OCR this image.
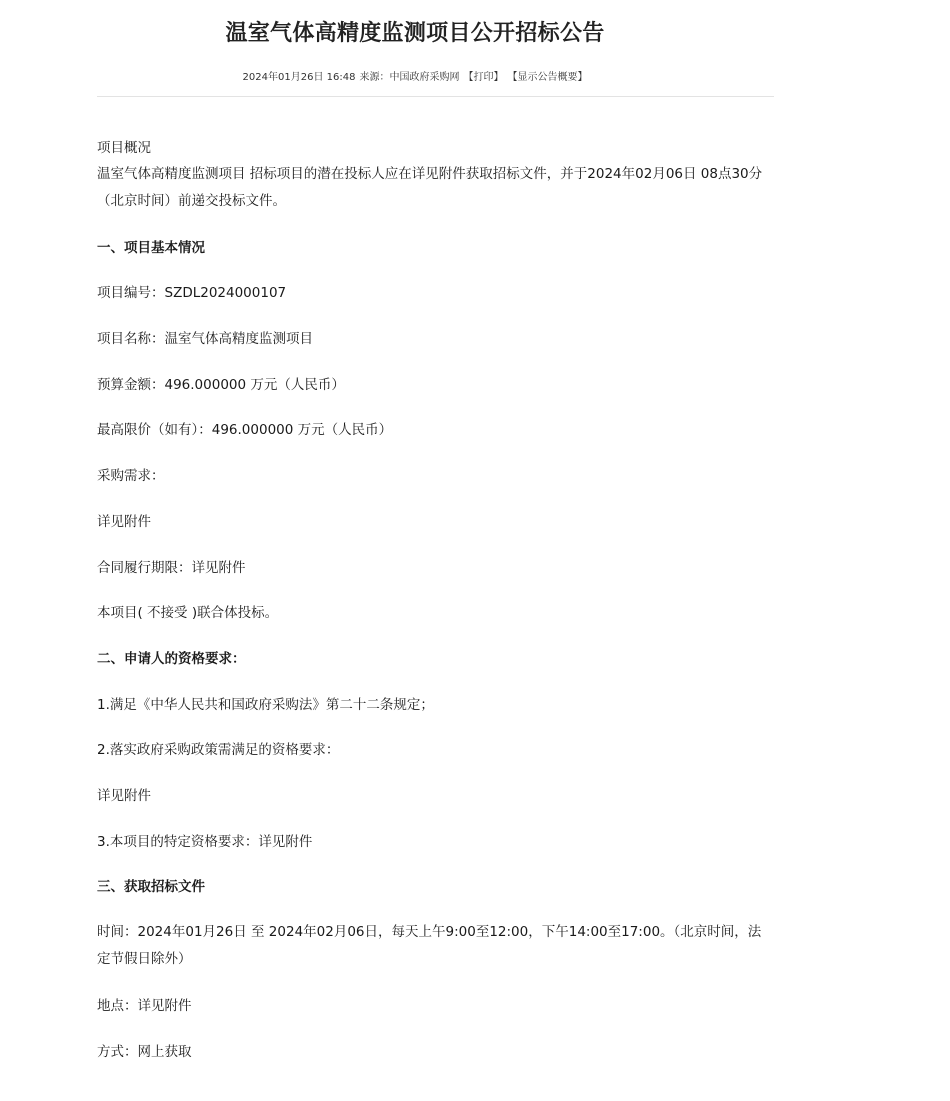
温室气体高精度监测项目公开招标公告
2024年01月26日 16:48 来源：中国政府采购网 【打印】 【显示公告概要】
项目概况
温室气体高精度监测项目 招标项目的潜在投标人应在详见附件获取招标文件，并于2024年02月06日 08点30分（北京时间）前递交投标文件。
一、项目基本情况
项目编号：SZDL2024000107
项目名称：温室气体高精度监测项目
预算金额：496.000000 万元（人民币）
最高限价（如有）：496.000000 万元（人民币）
采购需求：
详见附件
合同履行期限：详见附件
本项目( 不接受 )联合体投标。
二、申请人的资格要求：
1.满足《中华人民共和国政府采购法》第二十二条规定；
2.落实政府采购政策需满足的资格要求：
详见附件
3.本项目的特定资格要求：详见附件
三、获取招标文件
时间：2024年01月26日 至 2024年02月06日，每天上午9:00至12:00，下午14:00至17:00。（北京时间，法定节假日除外）
地点：详见附件
方式：网上获取
